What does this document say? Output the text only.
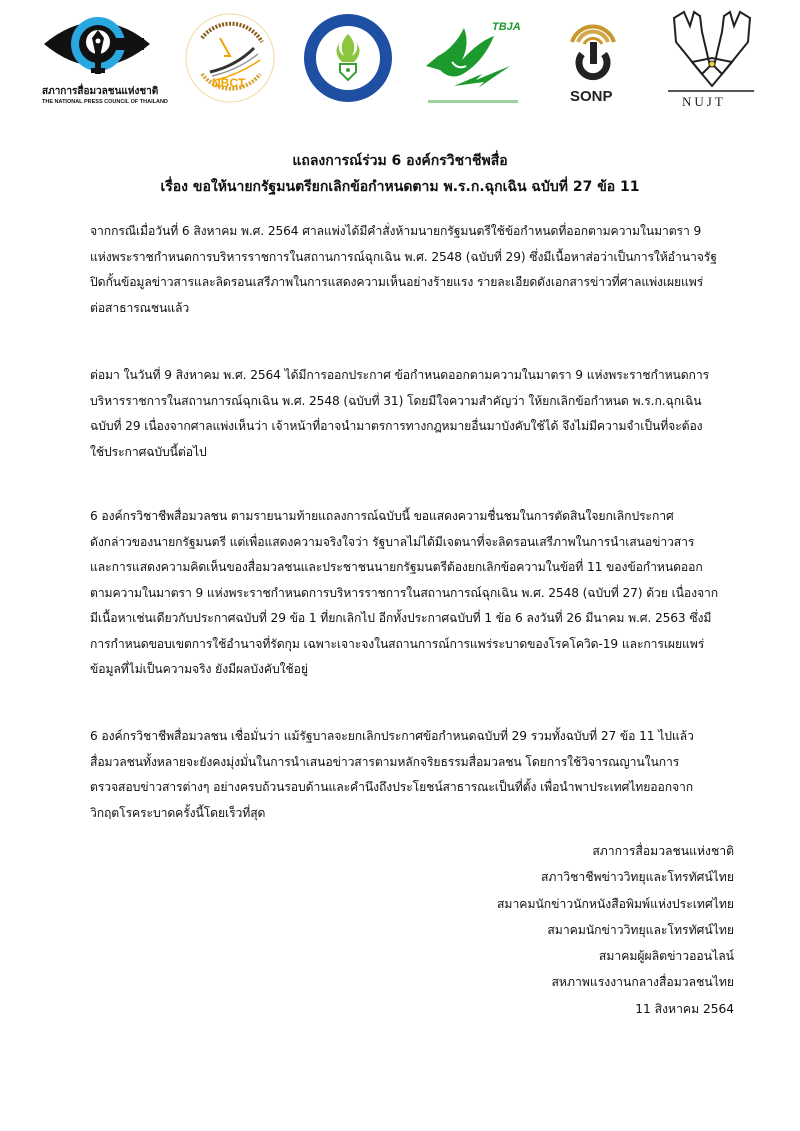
สภาการสื่อมวลชนแห่งชาติ
THE NATIONAL PRESS COUNCIL OF THAILAND
NBCT
TBJA
SONP	NUJT
แถลงการณ์ร่วม 6 องค์กรวิชาชีพสื่อ
เรื่อง ขอให้นายกรัฐมนตรียกเลิกข้อกำหนดตาม พ.ร.ก.ฉุกเฉิน ฉบับที่ 27 ข้อ 11

จากกรณีเมื่อวันที่ 6 สิงหาคม พ.ศ. 2564 ศาลแพ่งได้มีคำสั่งห้ามนายกรัฐมนตรีใช้ข้อกำหนดที่ออกตามความในมาตรา 9

แห่งพระราชกำหนดการบริหารราชการในสถานการณ์ฉุกเฉิน พ.ศ. 2548 (ฉบับที่ 29) ซึ่งมีเนื้อหาส่อว่าเป็นการให้อำนาจรัฐ

ปิดกั้นข้อมูลข่าวสารและลิดรอนเสรีภาพในการแสดงความเห็นอย่างร้ายแรง รายละเอียดดังเอกสารข่าวที่ศาลแพ่งเผยแพร่

ต่อสาธารณชนแล้ว

ต่อมา ในวันที่ 9 สิงหาคม พ.ศ. 2564 ได้มีการออกประกาศ ข้อกำหนดออกตามความในมาตรา 9 แห่งพระราชกำหนดการ

บริหารราชการในสถานการณ์ฉุกเฉิน พ.ศ. 2548 (ฉบับที่ 31) โดยมีใจความสำคัญว่า ให้ยกเลิกข้อกำหนด พ.ร.ก.ฉุกเฉิน

ฉบับที่ 29 เนื่องจากศาลแพ่งเห็นว่า เจ้าหน้าที่อาจนำมาตรการทางกฎหมายอื่นมาบังคับใช้ได้ จึงไม่มีความจำเป็นที่จะต้อง

ใช้ประกาศฉบับนี้ต่อไป

6 องค์กรวิชาชีพสื่อมวลชน ตามรายนามท้ายแถลงการณ์ฉบับนี้ ขอแสดงความชื่นชมในการตัดสินใจยกเลิกประกาศ

ดังกล่าวของนายกรัฐมนตรี แต่เพื่อแสดงความจริงใจว่า รัฐบาลไม่ได้มีเจตนาที่จะลิดรอนเสรีภาพในการนำเสนอข่าวสาร

และการแสดงความคิดเห็นของสื่อมวลชนและประชาชนนายกรัฐมนตรีต้องยกเลิกข้อความในข้อที่ 11 ของข้อกำหนดออก

ตามความในมาตรา 9 แห่งพระราชกำหนดการบริหารราชการในสถานการณ์ฉุกเฉิน พ.ศ. 2548 (ฉบับที่ 27) ด้วย เนื่องจาก

มีเนื้อหาเช่นเดียวกับประกาศฉบับที่ 29 ข้อ 1 ที่ยกเลิกไป อีกทั้งประกาศฉบับที่ 1 ข้อ 6 ลงวันที่ 26 มีนาคม พ.ศ. 2563 ซึ่งมี

การกำหนดขอบเขตการใช้อำนาจที่รัดกุม เฉพาะเจาะจงในสถานการณ์การแพร่ระบาดของโรคโควิด-19 และการเผยแพร่

ข้อมูลที่ไม่เป็นความจริง ยังมีผลบังคับใช้อยู่

6 องค์กรวิชาชีพสื่อมวลชน เชื่อมั่นว่า แม้รัฐบาลจะยกเลิกประกาศข้อกำหนดฉบับที่ 29 รวมทั้งฉบับที่ 27 ข้อ 11 ไปแล้ว

สื่อมวลชนทั้งหลายจะยังคงมุ่งมั่นในการนำเสนอข่าวสารตามหลักจริยธรรมสื่อมวลชน โดยการใช้วิจารณญานในการ

ตรวจสอบข่าวสารต่างๆ อย่างครบถ้วนรอบด้านและคำนึงถึงประโยชน์สาธารณะเป็นที่ตั้ง เพื่อนำพาประเทศไทยออกจาก

วิกฤตโรคระบาดครั้งนี้โดยเร็วที่สุด

สภาการสื่อมวลชนแห่งชาติ
สภาวิชาชีพข่าววิทยุและโทรทัศน์ไทย
สมาคมนักข่าวนักหนังสือพิมพ์แห่งประเทศไทย
สมาคมนักข่าววิทยุและโทรทัศน์ไทย
สมาคมผู้ผลิตข่าวออนไลน์
สหภาพแรงงานกลางสื่อมวลชนไทย
11 สิงหาคม 2564
